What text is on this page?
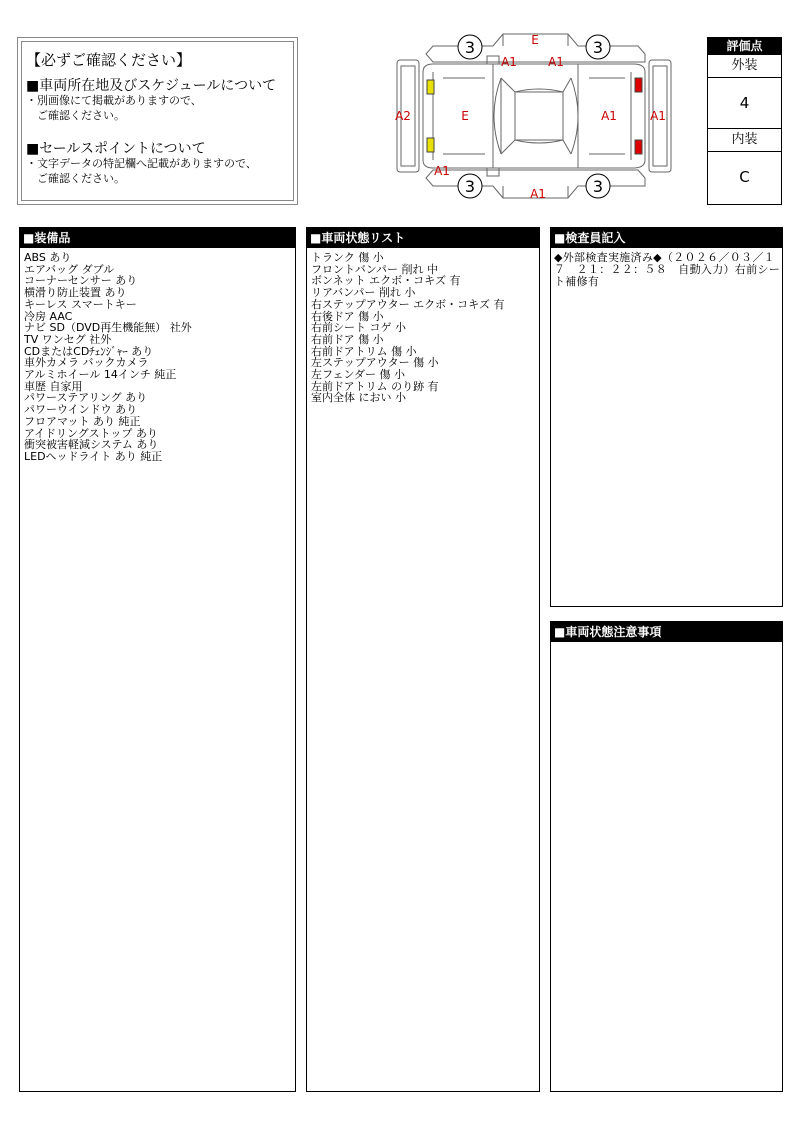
【必ずご確認ください】
■車両所在地及びスケジュールについて
・別画像にて掲載がありますので、
　ご確認ください。
■セールスポイントについて
・文字データの特記欄へ記載がありますので、
　ご確認ください。
3	3
3	3
E
A1	A1
A2	E	A1	A1
A1
A1
評価点
外装
4
内装
C
■装備品
ABS あり
エアバッグ ダブル
コーナーセンサー あり
横滑り防止装置 あり
キーレス スマートキー
冷房 AAC
ナビ SD（DVD再生機能無） 社外
TV ワンセグ 社外
CDまたはCDﾁｪﾝｼﾞｬｰ あり
車外カメラ バックカメラ
アルミホイール 14インチ 純正
車歴 自家用
パワーステアリング あり
パワーウインドウ あり
フロアマット あり 純正
アイドリングストップ あり
衝突被害軽減システム あり
LEDヘッドライト あり 純正
■車両状態リスト
トランク 傷 小
フロントバンパー 削れ 中
ボンネット エクボ・コキズ 有
リアバンパー 削れ 小
右ステップアウター エクボ・コキズ 有
右後ドア 傷 小
右前シート コゲ 小
右前ドア 傷 小
右前ドアトリム 傷 小
左ステップアウター 傷 小
左フェンダー 傷 小
左前ドアトリム のり跡 有
室内全体 におい 小
■検査員記入
◆外部検査実施済み◆（２０２６／０３／１７　２１：２２：５８　自動入力）右前シート補修有
■車両状態注意事項
